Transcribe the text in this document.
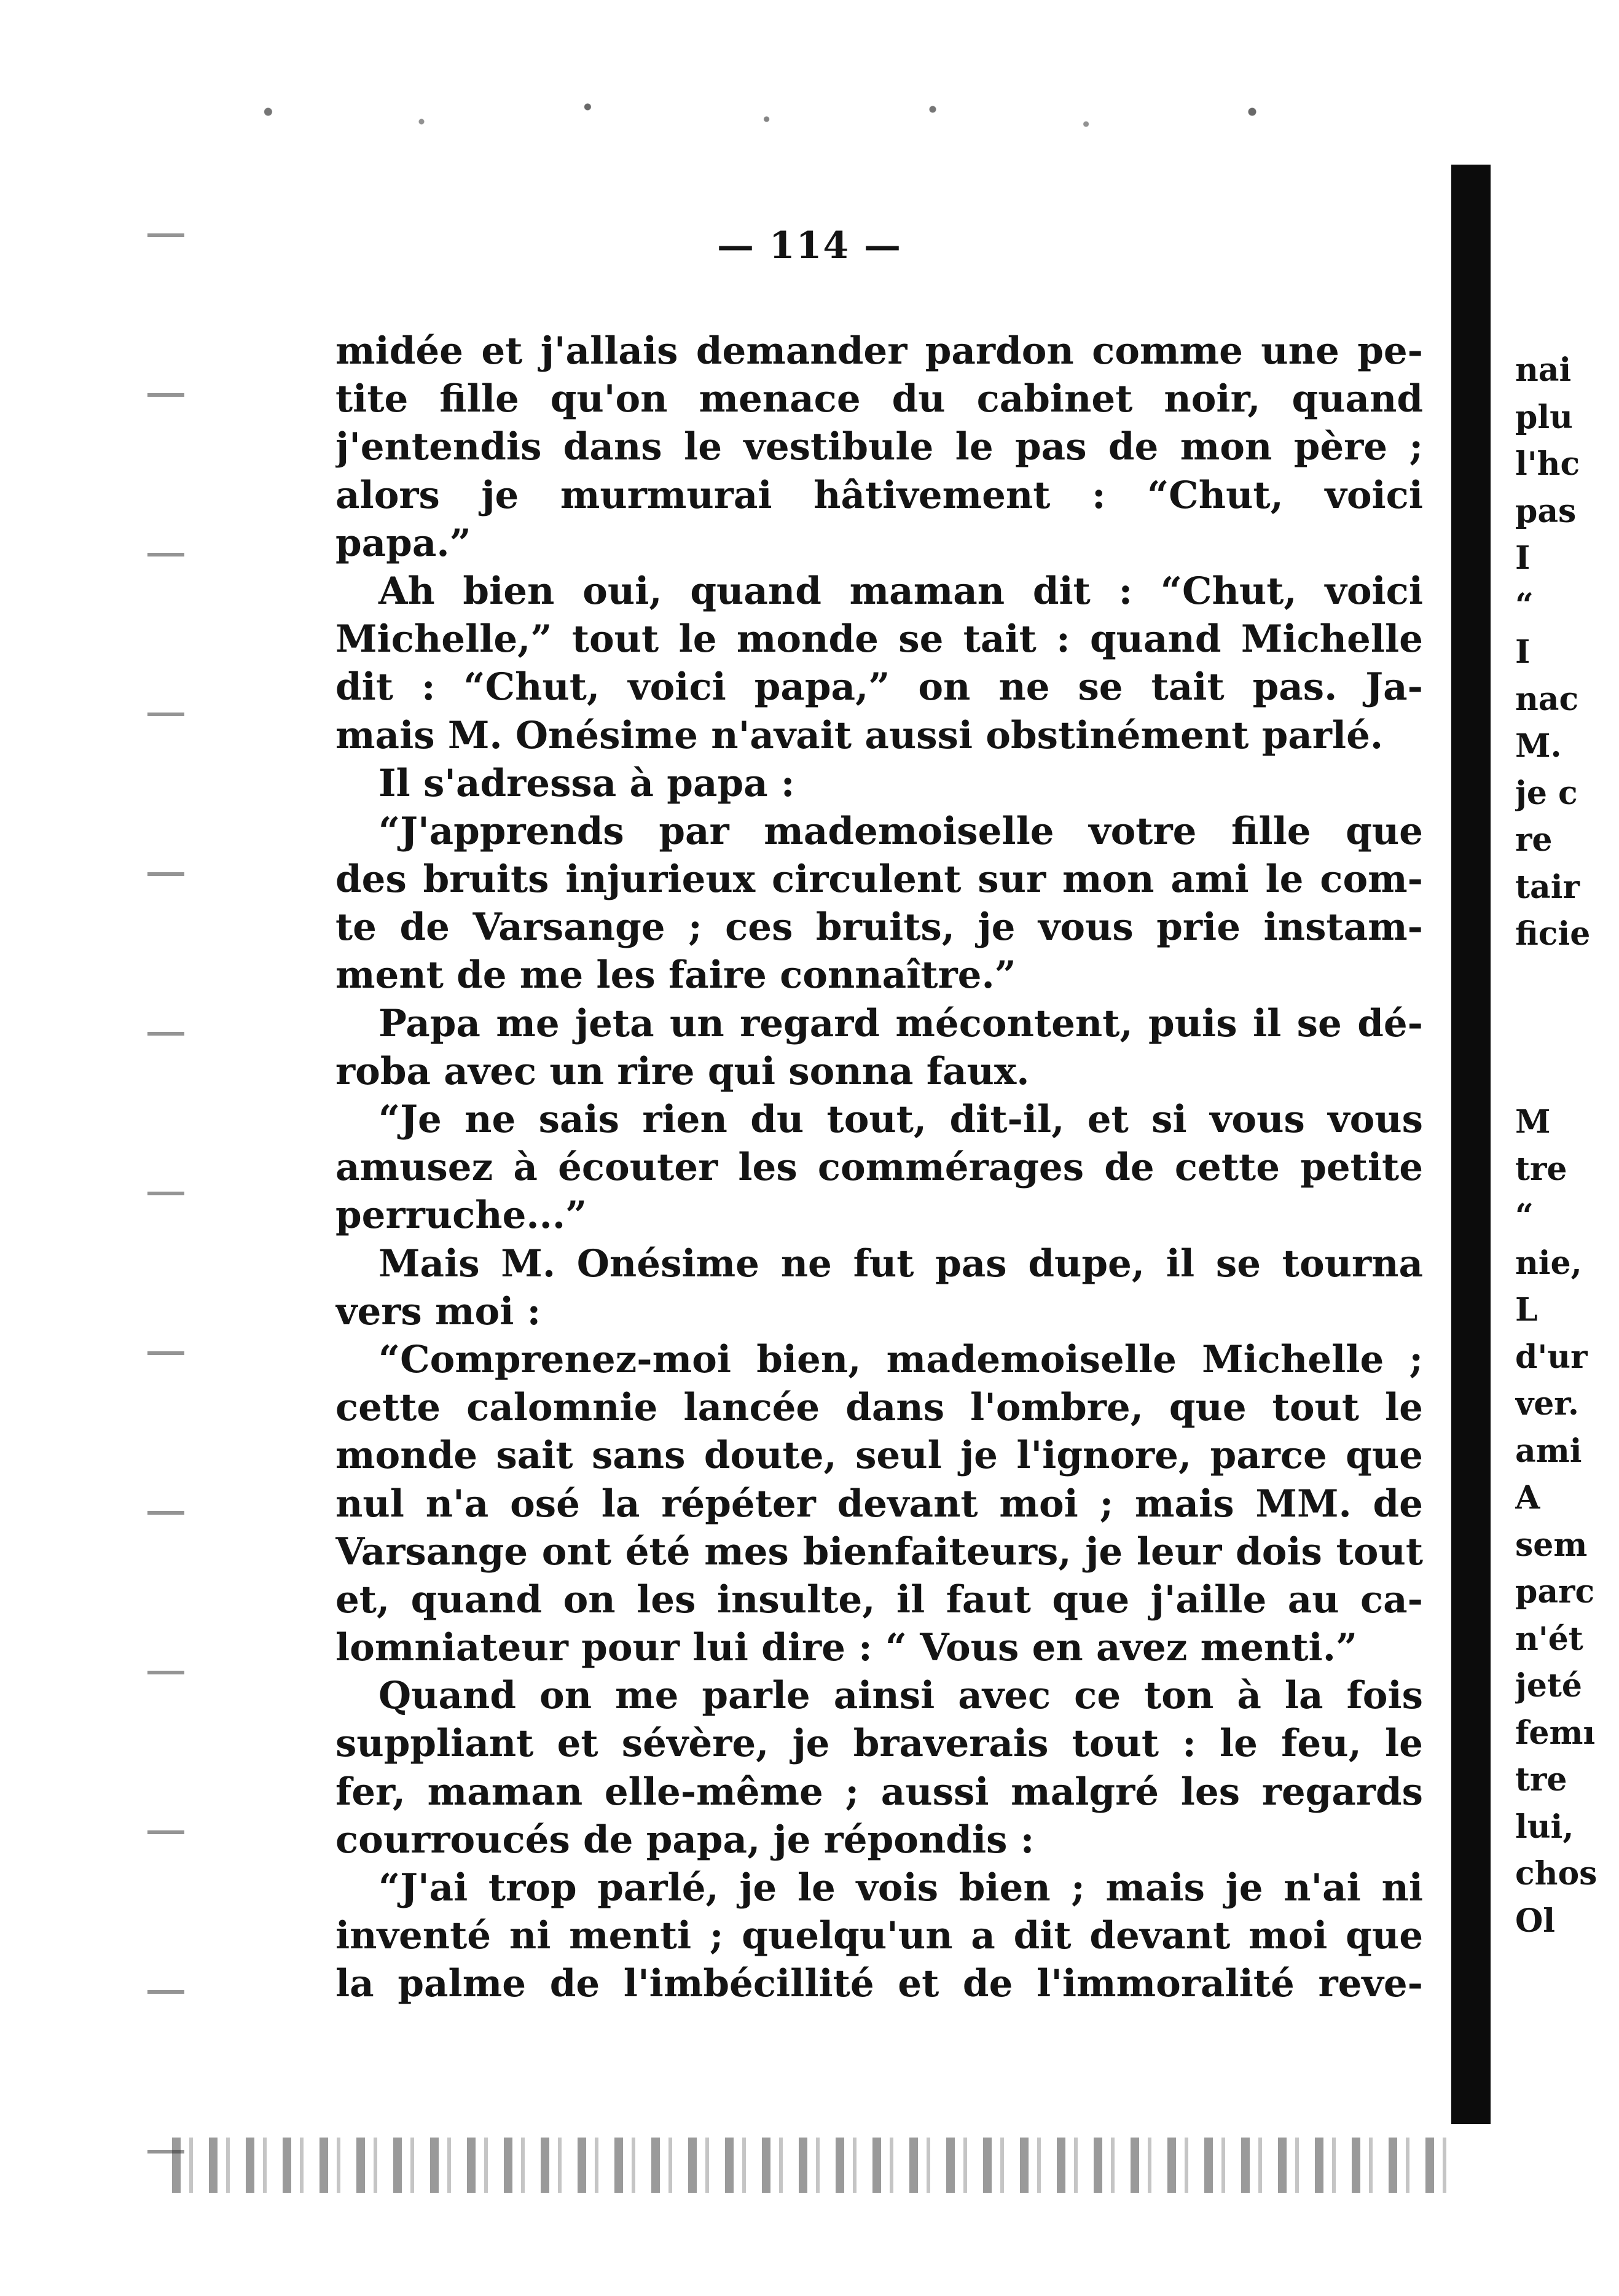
— 114 —
midée et j'allais demander pardon comme une pe-
tite fille qu'on menace du cabinet noir, quand
j'entendis dans le vestibule le pas de mon père ;
alors je murmurai hâtivement : “Chut, voici
papa.”
Ah bien oui, quand maman dit : “Chut, voici
Michelle,” tout le monde se tait : quand Michelle
dit : “Chut, voici papa,” on ne se tait pas. Ja-
mais M. Onésime n'avait aussi obstinément parlé.
Il s'adressa à papa :
“J'apprends par mademoiselle votre fille que
des bruits injurieux circulent sur mon ami le com-
te de Varsange ; ces bruits, je vous prie instam-
ment de me les faire connaître.”
Papa me jeta un regard mécontent, puis il se dé-
roba avec un rire qui sonna faux.
“Je ne sais rien du tout, dit-il, et si vous vous
amusez à écouter les commérages de cette petite
perruche...”
Mais M. Onésime ne fut pas dupe, il se tourna
vers moi :
“Comprenez-moi bien, mademoiselle Michelle ;
cette calomnie lancée dans l'ombre, que tout le
monde sait sans doute, seul je l'ignore, parce que
nul n'a osé la répéter devant moi ; mais MM. de
Varsange ont été mes bienfaiteurs, je leur dois tout
et, quand on les insulte, il faut que j'aille au ca-
lomniateur pour lui dire : “ Vous en avez menti.”
Quand on me parle ainsi avec ce ton à la fois
suppliant et sévère, je braverais tout : le feu, le
fer, maman elle-même ; aussi malgré les regards
courroucés de papa, je répondis :
“J'ai trop parlé, je le vois bien ; mais je n'ai ni
inventé ni menti ; quelqu'un a dit devant moi que
la palme de l'imbécillité et de l'immoralité reve-
nai
plu
l'hc
pas
I
“
I
nac
M.
je c
re
tair
ficie
M
tre
“
nie,
L
d'ur
ver.
ami
A
sem
parc
n'ét
jeté
femı
tre
lui,
chos
Ol
